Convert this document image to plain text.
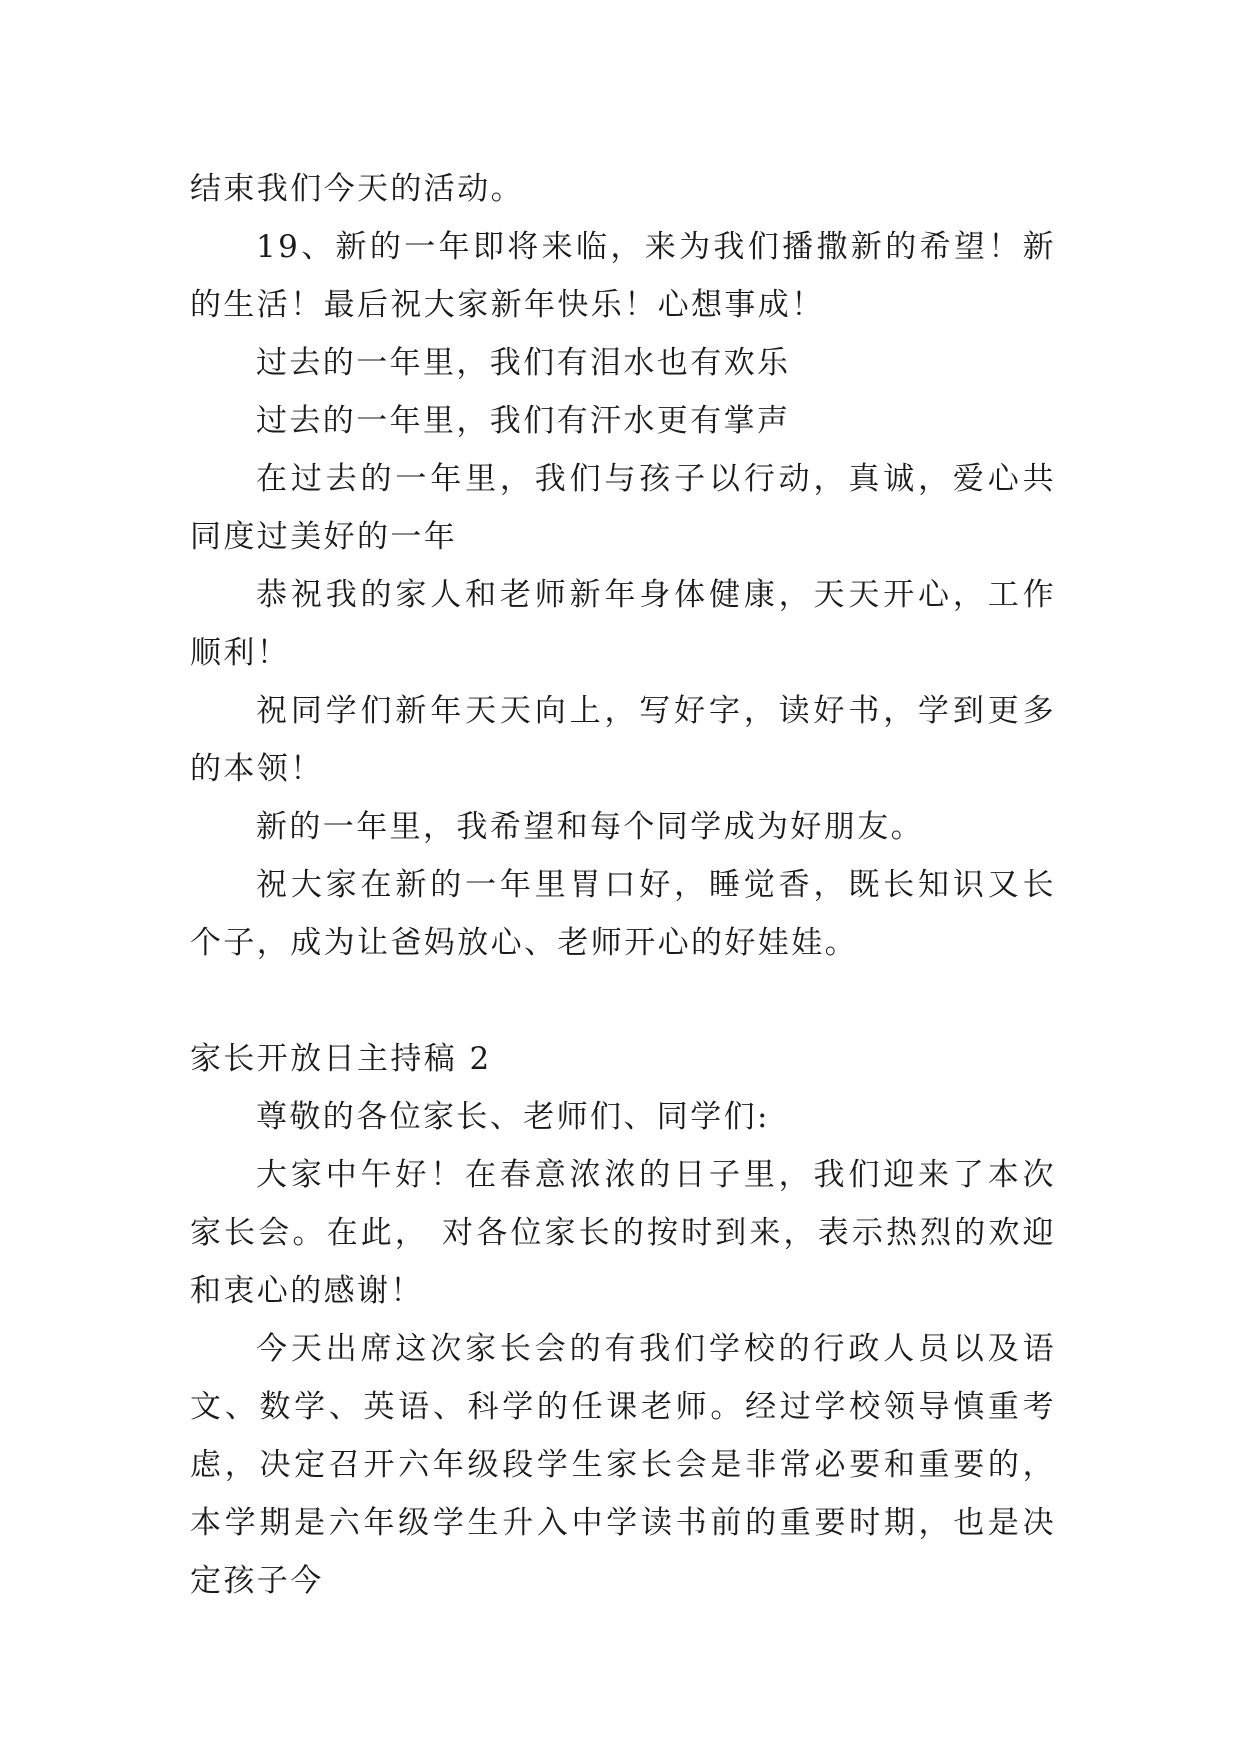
结束我们今天的活动。

19、新的一年即将来临，来为我们播撒新的希望！新的生活！最后祝大家新年快乐！心想事成！

过去的一年里，我们有泪水也有欢乐

过去的一年里，我们有汗水更有掌声

在过去的一年里，我们与孩子以行动，真诚，爱心共同度过美好的一年

恭祝我的家人和老师新年身体健康，天天开心，工作顺利！

祝同学们新年天天向上，写好字，读好书，学到更多的本领！

新的一年里，我希望和每个同学成为好朋友。

祝大家在新的一年里胃口好，睡觉香，既长知识又长个子，成为让爸妈放心、老师开心的好娃娃。

家长开放日主持稿 2

尊敬的各位家长、老师们、同学们:

大家中午好！在春意浓浓的日子里，我们迎来了本次家长会。在此， 对各位家长的按时到来，表示热烈的欢迎和衷心的感谢！

今天出席这次家长会的有我们学校的行政人员以及语文、数学、英语、科学的任课老师。经过学校领导慎重考虑，决定召开六年级段学生家长会是非常必要和重要的，本学期是六年级学生升入中学读书前的重要时期，也是决定孩子今
